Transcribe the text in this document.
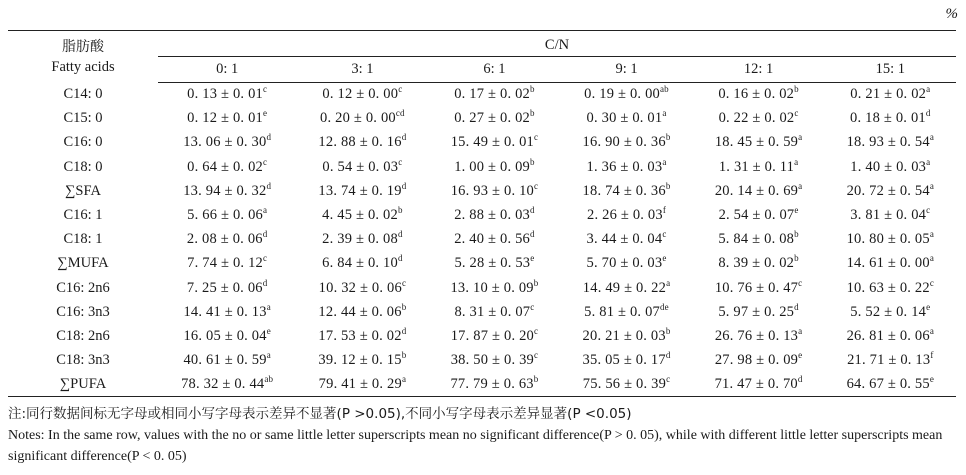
%
脂肪酸
Fatty acids	C/N					
	0: 1	3: 1	6: 1	9: 1	12: 1	15: 1
C14: 0	0. 13 ± 0. 01$^c$	0. 12 ± 0. 00$^c$	0. 17 ± 0. 02$^b$	0. 19 ± 0. $00^{ab}$	0. 16 ± 0. 02$^b$	0. 21 ± 0. 02$^a$
C15: 0	0. 12 ± 0. 01e	0. 20 ± 0. $00^{cd}$	0. 27 ± 0. 02$^b$	0. 30 ± 0. 01$^a$	0. 22 ± 0. 02$^c$	0. 18 ± 0. 01$^d$
C16: 0	13. 06 ± 0. 30$^d$	12. 88 ± 0. 16$^d$	15. 49 ± 0. 01$^c$	16. 90 ± 0. 36$^b$	18. 45 ± 0. 59$^a$	18. 93 ± 0. 54$^a$
C18: 0	0. 64 ± 0. 02$^c$	0. 54 ± 0. 03$^c$	1. 00 ± 0. 09$^b$	1. 36 ± 0. 03$^a$	1. 31 ± 0. 11$^a$	1. 40 ± 0. 03$^a$
∑SFA	13. 94 ± 0. 32$^d$	13. 74 ± 0. 19$^d$	16. 93 ± 0. 10$^c$	18. 74 ± 0. 36$^b$	20. 14 ± 0. 69$^a$	20. 72 ± 0. 54$^a$
C16: 1	5. 66 ± 0. 06$^a$	4. 45 ± 0. 02$^b$	2. 88 ± 0. 03$^d$	2. 26 ± 0. 03$^f$	2. 54 ± 0. 07e	3. 81 ± 0. 04$^c$
C18: 1	2. 08 ± 0. 06$^d$	2. 39 ± 0. 08$^d$	2. 40 ± 0. 56$^d$	3. 44 ± 0. 04$^c$	5. 84 ± 0. 08$^b$	10. 80 ± 0. 05$^a$
∑MUFA	7. 74 ± 0. 12$^c$	6. 84 ± 0. 10$^d$	5. 28 ± 0. 53e	5. 70 ± 0. 03e	8. 39 ± 0. 02$^b$	14. 61 ± 0. 00$^a$
C16: 2n6	7. 25 ± 0. 06$^d$	10. 32 ± 0. 06$^c$	13. 10 ± 0. 09$^b$	14. 49 ± 0. 22$^a$	10. 76 ± 0. 47$^c$	10. 63 ± 0. 22$^c$
C16: 3n3	14. 41 ± 0. 13$^a$	12. 44 ± 0. 06$^b$	8. 31 ± 0. 07$^c$	5. 81 ± 0. 07de	5. 97 ± 0. 25$^d$	5. 52 ± 0. 14e
C18: 2n6	16. 05 ± 0. 04e	17. 53 ± 0. 02$^d$	17. 87 ± 0. 20$^c$	20. 21 ± 0. 03$^b$	26. 76 ± 0. 13$^a$	26. 81 ± 0. 06$^a$
C18: 3n3	40. 61 ± 0. 59$^a$	39. 12 ± 0. 15$^b$	38. 50 ± 0. 39$^c$	35. 05 ± 0. 17$^d$	27. 98 ± 0. 09e	21. 71 ± 0. 13$^f$
∑PUFA	78. 32 ± 0. $44^{ab}$	79. 41 ± 0. 29$^a$	77. 79 ± 0. 63$^b$	75. 56 ± 0. 39$^c$	71. 47 ± 0. 70$^d$	64. 67 ± 0. 55e
注:同行数据间标无字母或相同小写字母表示差异不显著(P >0.05),不同小写字母表示差异显著(P <0.05)
Notes: In the same row, values with the no or same little letter superscripts mean no significant difference(P > 0. 05), while with different little letter superscripts mean significant difference(P < 0. 05)
